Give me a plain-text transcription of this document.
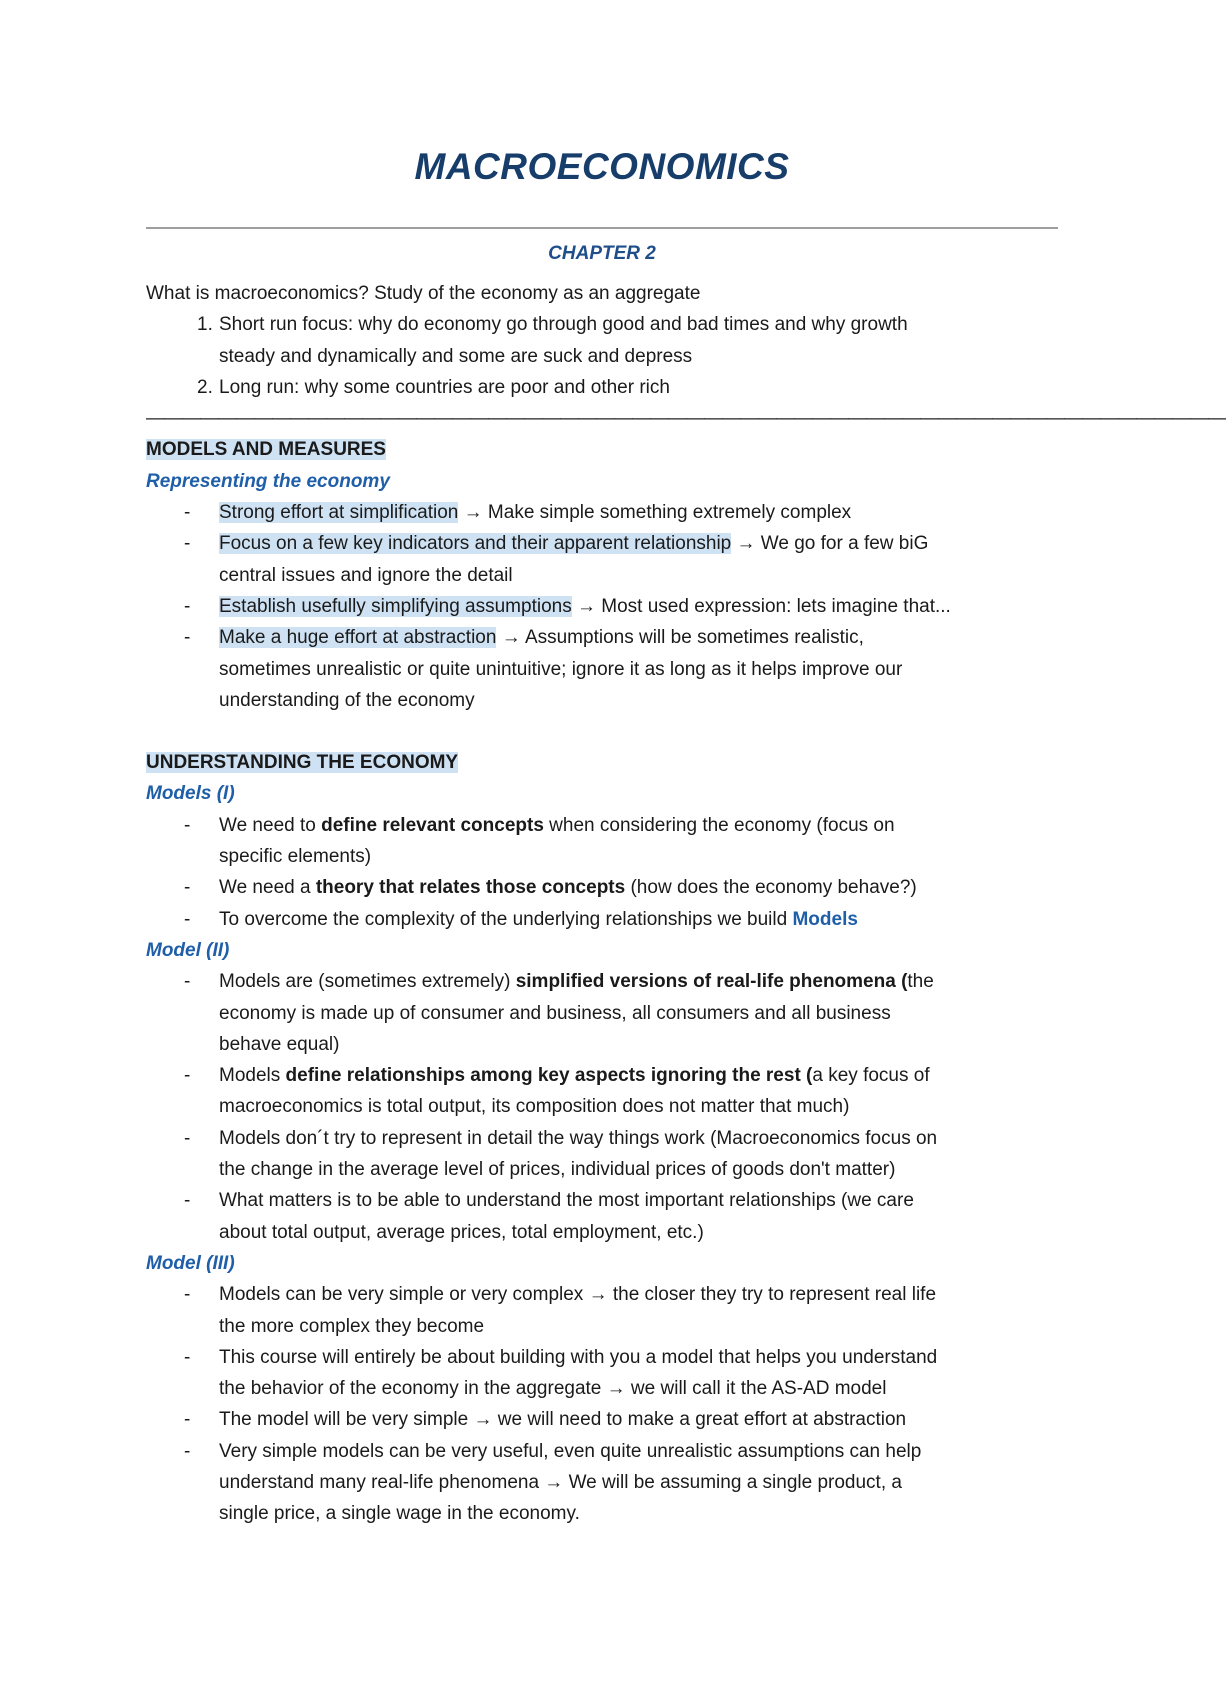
MACROECONOMICS
CHAPTER 2
What is macroeconomics? Study of the economy as an aggregate
1. Short run focus: why do economy go through good and bad times and why growth
steady and dynamically and some are suck and depress
2. Long run: why some countries are poor and other rich
————————————————————————————————————————————————————————————
MODELS AND MEASURES
Representing the economy
-	Strong effort at simplification → Make simple something extremely complex
-	Focus on a few key indicators and their apparent relationship → We go for a few biG
central issues and ignore the detail
-	Establish usefully simplifying assumptions → Most used expression: lets imagine that...
-	Make a huge effort at abstraction → Assumptions will be sometimes realistic,
sometimes unrealistic or quite unintuitive; ignore it as long as it helps improve our
understanding of the economy
UNDERSTANDING THE ECONOMY
Models (I)
-	We need to define relevant concepts when considering the economy (focus on
specific elements)
-	We need a theory that relates those concepts (how does the economy behave?)
-	To overcome the complexity of the underlying relationships we build Models
Model (II)
-	Models are (sometimes extremely) simplified versions of real-life phenomena (the
economy is made up of consumer and business, all consumers and all business
behave equal)
-	Models define relationships among key aspects ignoring the rest (a key focus of
macroeconomics is total output, its composition does not matter that much)
-	Models don´t try to represent in detail the way things work (Macroeconomics focus on
the change in the average level of prices, individual prices of goods don't matter)
-	What matters is to be able to understand the most important relationships (we care
about total output, average prices, total employment, etc.)
Model (III)
-	Models can be very simple or very complex → the closer they try to represent real life
the more complex they become
-	This course will entirely be about building with you a model that helps you understand
the behavior of the economy in the aggregate → we will call it the AS-AD model
-	The model will be very simple → we will need to make a great effort at abstraction
-	Very simple models can be very useful, even quite unrealistic assumptions can help
understand many real-life phenomena → We will be assuming a single product, a
single price, a single wage in the economy.
